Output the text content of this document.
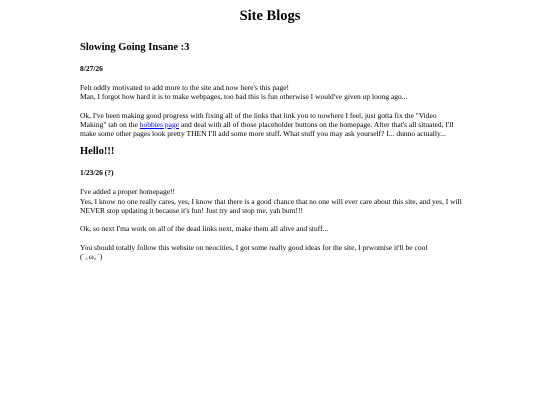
Site Blogs
Slowing Going Insane :3

8/27/26

Felt oddly motivated to add more to the site and now here's this page!
Man, I forgot how hard it is to make webpages, too bad this is fun otherwise I would've given up loong ago...

Ok, I've been making good progress with fixing all of the links that link you to nowhere I feel, just gotta fix the "Video Making" tab on the hobbies page and deal with all of those placeholder buttons on the homepage. After that's all situated, I'll make some other pages look pretty THEN I'll add some more stuff. What stuff you may ask yourself? I... dunno actually...

Hello!!!

1/23/26 (?)

I've added a proper homepage!!
Yes, I know no one really cares, yes, I know that there is a good chance that no one will ever care about this site, and yes, I will NEVER stop updating it because it's fun! Just try and stop me, yah bum!!!

Ok, so next I'ma work on all of the dead links next, make them all alive and stuff...

You should totally follow this website on neocities, I got some really good ideas for the site, I prwomise it'll be cool
(´｡ω｡`)
